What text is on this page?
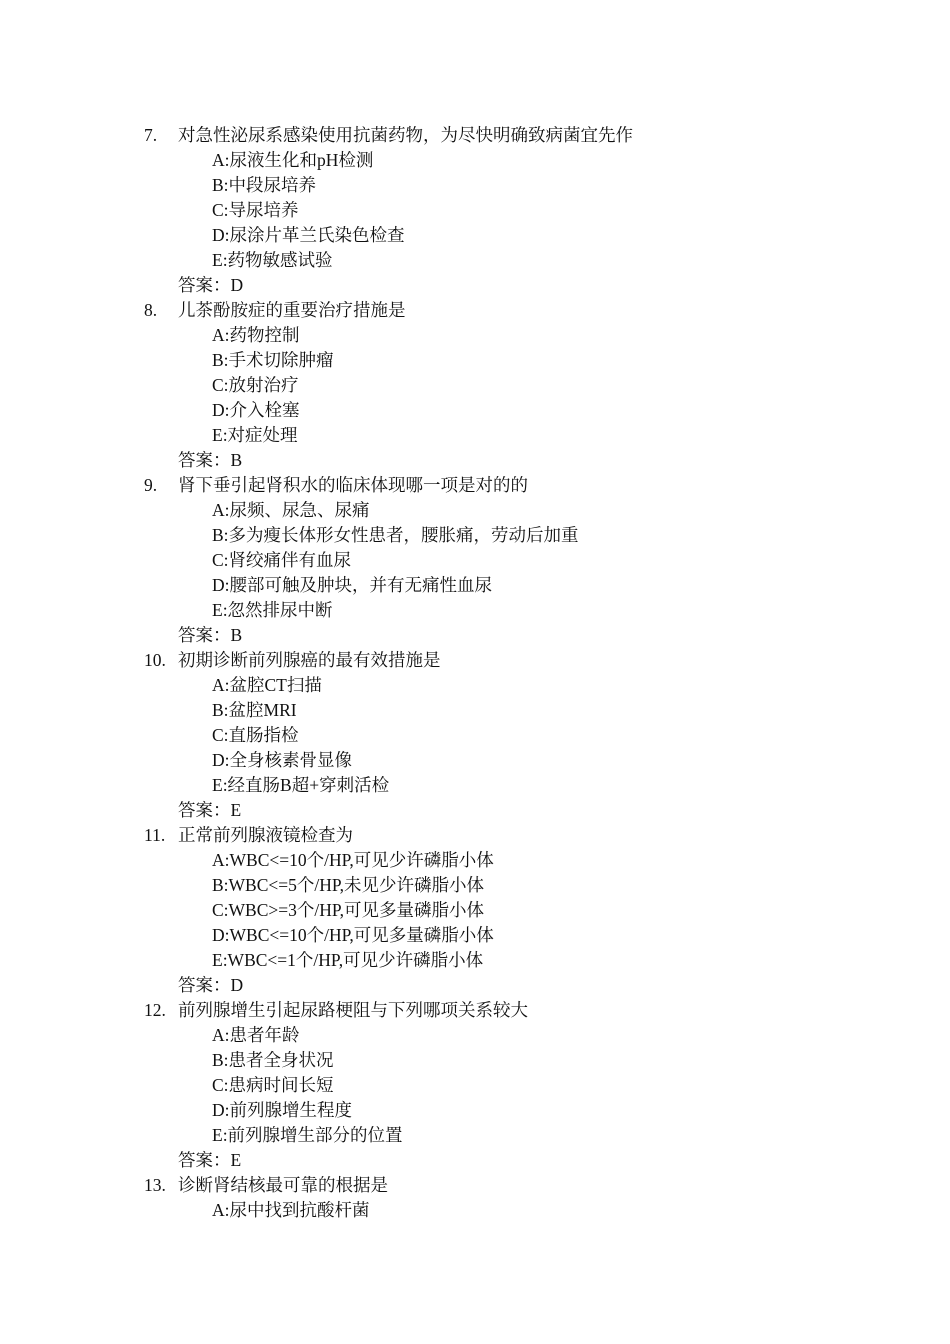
7.	对急性泌尿系感染使用抗菌药物，为尽快明确致病菌宜先作
A:尿液生化和pH检测
B:中段尿培养
C:导尿培养
D:尿涂片革兰氏染色检查
E:药物敏感试验
答案：D
8.	儿茶酚胺症的重要治疗措施是
A:药物控制
B:手术切除肿瘤
C:放射治疗
D:介入栓塞
E:对症处理
答案：B
9.	肾下垂引起肾积水的临床体现哪一项是对的的
A:尿频、尿急、尿痛
B:多为瘦长体形女性患者，腰胀痛，劳动后加重
C:肾绞痛伴有血尿
D:腰部可触及肿块，并有无痛性血尿
E:忽然排尿中断
答案：B
10. 初期诊断前列腺癌的最有效措施是
A:盆腔CT扫描
B:盆腔MRI
C:直肠指检
D:全身核素骨显像
E:经直肠B超+穿刺活检
答案：E
11. 正常前列腺液镜检查为
A:WBC<=10个/HP,可见少许磷脂小体
B:WBC<=5个/HP,未见少许磷脂小体
C:WBC>=3个/HP,可见多量磷脂小体
D:WBC<=10个/HP,可见多量磷脂小体
E:WBC<=1个/HP,可见少许磷脂小体
答案：D
12. 前列腺增生引起尿路梗阻与下列哪项关系较大
A:患者年龄
B:患者全身状况
C:患病时间长短
D:前列腺增生程度
E:前列腺增生部分的位置
答案：E
13. 诊断肾结核最可靠的根据是
A:尿中找到抗酸杆菌
